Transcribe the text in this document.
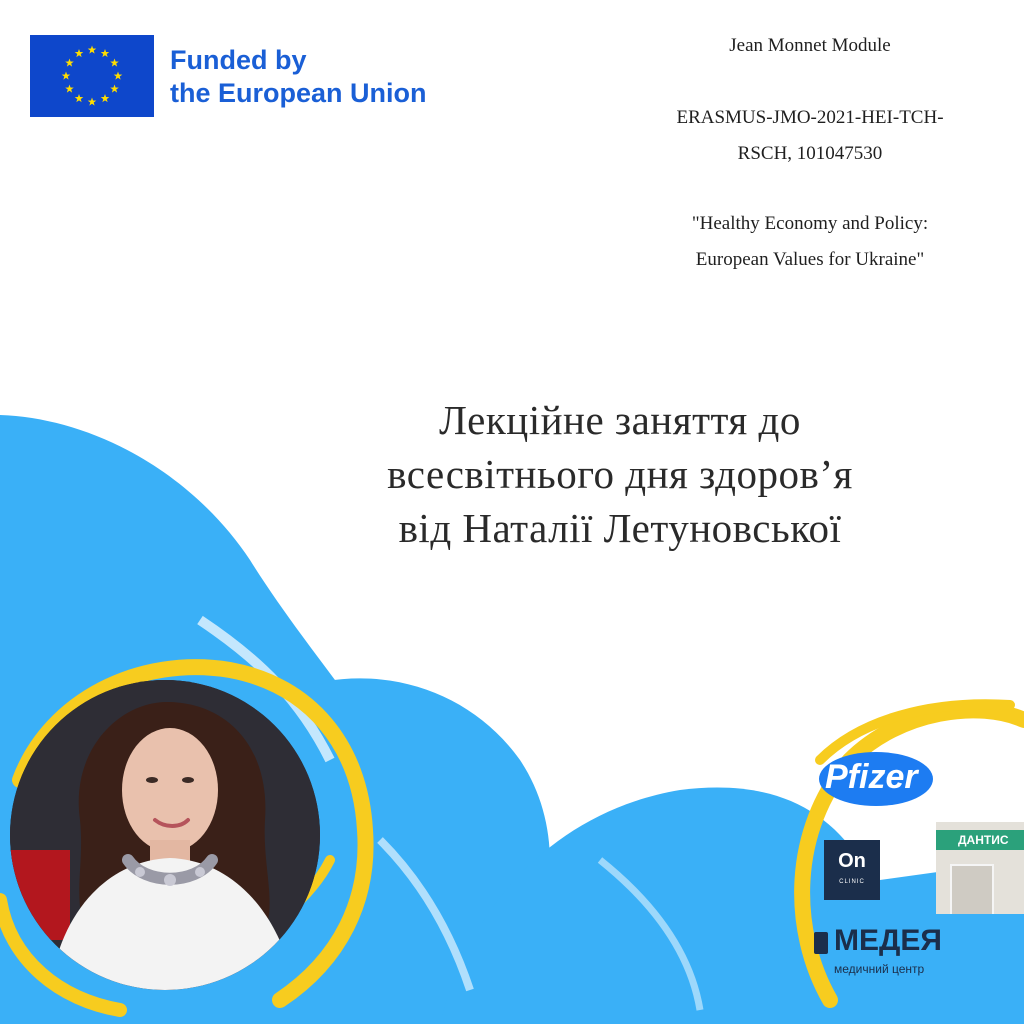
Funded by
the European Union
Jean Monnet Module
ERASMUS-JMO-2021-HEI-TCH-
RSCH, 101047530
"Healthy Economy and Policy:
European Values for Ukraine"
Лекційне заняття до
всесвітнього дня здоров’я
від Наталії Летуновської
Pfizer
On
CLINIC
ДАНТИС
МЕДЕЯ
медичний центр
